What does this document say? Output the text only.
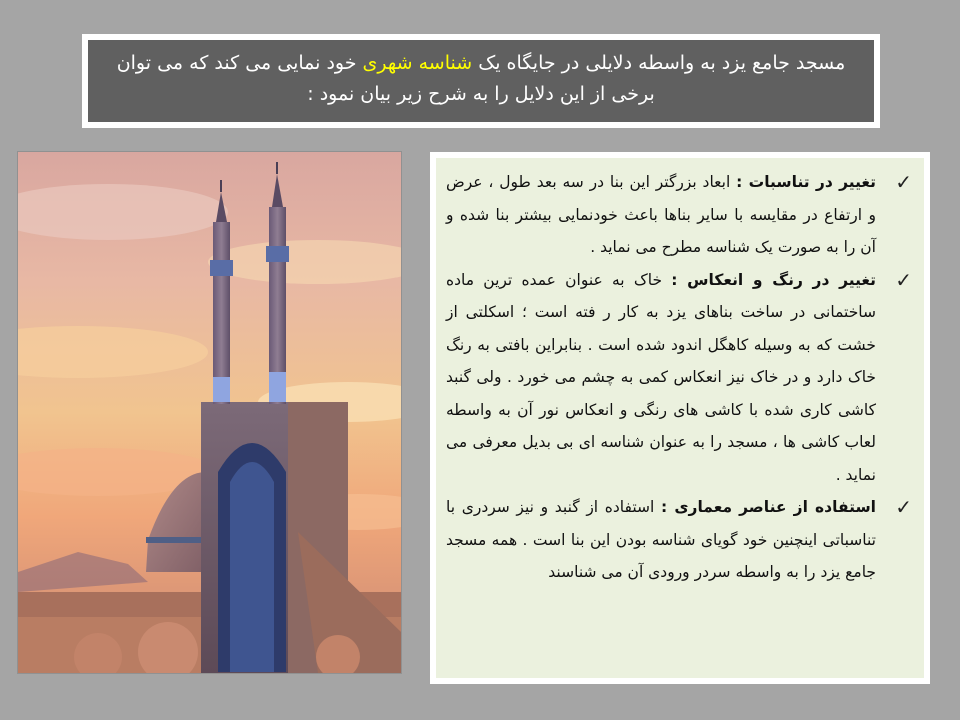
مسجد جامع یزد به واسطه دلایلی در جایگاه یک شناسه شهری خود نمایی می کند که می توان برخی از این دلایل را به شرح زیر بیان نمود :
✓
تغییر در تناسبات : ابعاد بزرگتر این بنا در سه بعد طول ، عرض و ارتفاع در مقایسه با سایر بناها باعث خودنمایی بیشتر بنا شده و آن را به صورت یک شناسه مطرح می نماید .
✓
تغییر در رنگ و انعکاس : خاک به عنوان عمده ترین ماده ساختمانی در ساخت بناهای یزد به کار ر فته است ؛ اسکلتی از خشت که به وسیله کاهگل اندود شده است . بنابراین بافتی به رنگ خاک دارد و در خاک نیز انعکاس کمی به چشم می خورد . ولی گنبد کاشی کاری شده با کاشی های رنگی و انعکاس نور آن به واسطه لعاب کاشی ها ، مسجد را به عنوان شناسه ای بی بدیل معرفی می نماید .
✓
استفاده از عناصر معماری : استفاده از گنبد و نیز سردری با تناسباتی اینچنین خود گویای شناسه بودن این بنا است . همه مسجد جامع یزد را به واسطه سردر ورودی آن می شناسند
